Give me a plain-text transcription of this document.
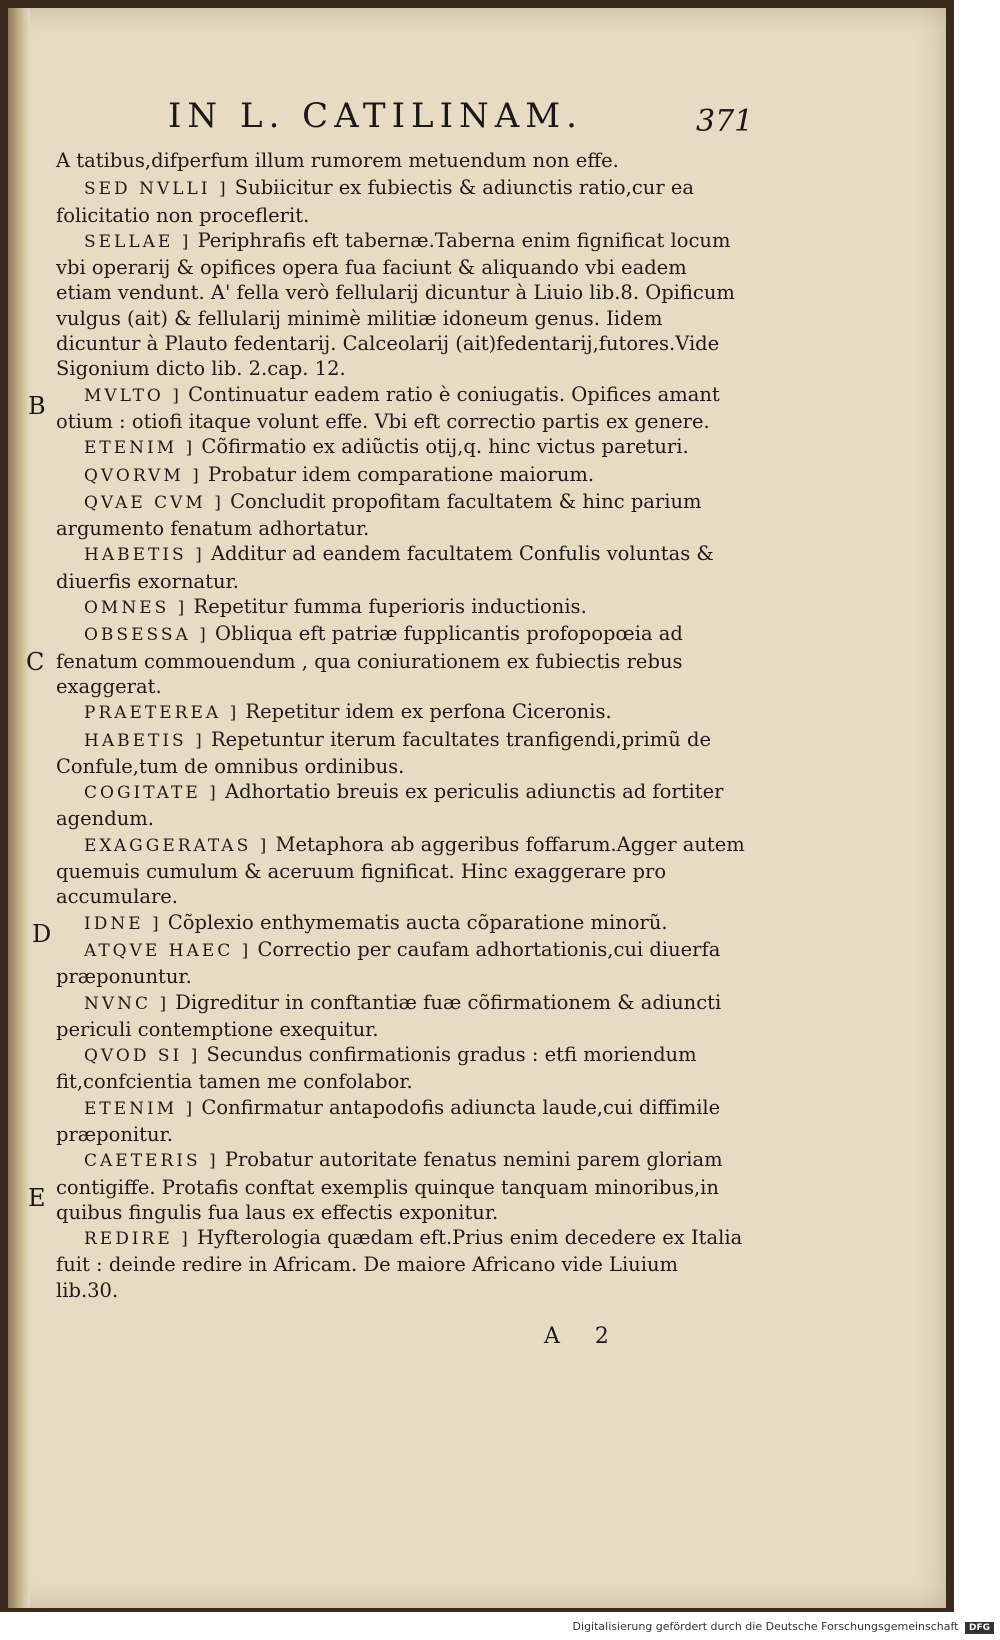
IN L. CATILINAM.	371
B
C
D
E

A tatibus,difperfum illum rumorem metuendum non effe.

SED NVLLI ] Subiicitur ex fubiectis & adiunctis ratio,cur ea folicitatio non proceflerit.

SELLAE ] Periphrafis eft tabernæ.Taberna enim fignificat locum vbi operarij & opifices opera fua faciunt & aliquando vbi eadem etiam vendunt. A' fella verò fellularij dicuntur à Liuio lib.8. Opificum vulgus (ait) & fellularij minimè militiæ idoneum genus. Iidem dicuntur à Plauto fedentarij. Calceolarij (ait)fedentarij,futores.Vide Sigonium dicto lib. 2.cap. 12.

MVLTO ] Continuatur eadem ratio è coniugatis. Opifices amant otium : otiofi itaque volunt effe. Vbi eft correctio partis ex genere.

ETENIM ] Cõfirmatio ex adiũctis otij,q. hinc victus pareturi.

QVORVM ] Probatur idem comparatione maiorum.

QVAE CVM ] Concludit propofitam facultatem & hinc parium argumento fenatum adhortatur.

HABETIS ] Additur ad eandem facultatem Confulis voluntas & diuerfis exornatur.

OMNES ] Repetitur fumma fuperioris inductionis.

OBSESSA ] Obliqua eft patriæ fupplicantis profopopœia ad fenatum commouendum , qua coniurationem ex fubiectis rebus exaggerat.

PRAETEREA ] Repetitur idem ex perfona Ciceronis.

HABETIS ] Repetuntur iterum facultates tranfigendi,primũ de Confule,tum de omnibus ordinibus.

COGITATE ] Adhortatio breuis ex periculis adiunctis ad fortiter agendum.

EXAGGERATAS ] Metaphora ab aggeribus foffarum.Agger autem quemuis cumulum & aceruum fignificat. Hinc exaggerare pro accumulare.

IDNE ] Cõplexio enthymematis aucta cõparatione minorũ.

ATQVE HAEC ] Correctio per caufam adhortationis,cui diuerfa præponuntur.

NVNC ] Digreditur in conftantiæ fuæ cõfirmationem & adiuncti periculi contemptione exequitur.

QVOD SI ] Secundus confirmationis gradus : etfi moriendum fit,confcientia tamen me confolabor.

ETENIM ] Confirmatur antapodofis adiuncta laude,cui diffimile præponitur.

CAETERIS ] Probatur autoritate fenatus nemini parem gloriam contigiffe. Protafis conftat exemplis quinque tanquam minoribus,in quibus fingulis fua laus ex effectis exponitur.

REDIRE ] Hyfterologia quædam eft.Prius enim decedere ex Italia fuit : deinde redire in Africam. De maiore Africano vide Liuium lib.30.

A 2
Digitalisierung gefördert durch die Deutsche Forschungsgemeinschaft DFG
